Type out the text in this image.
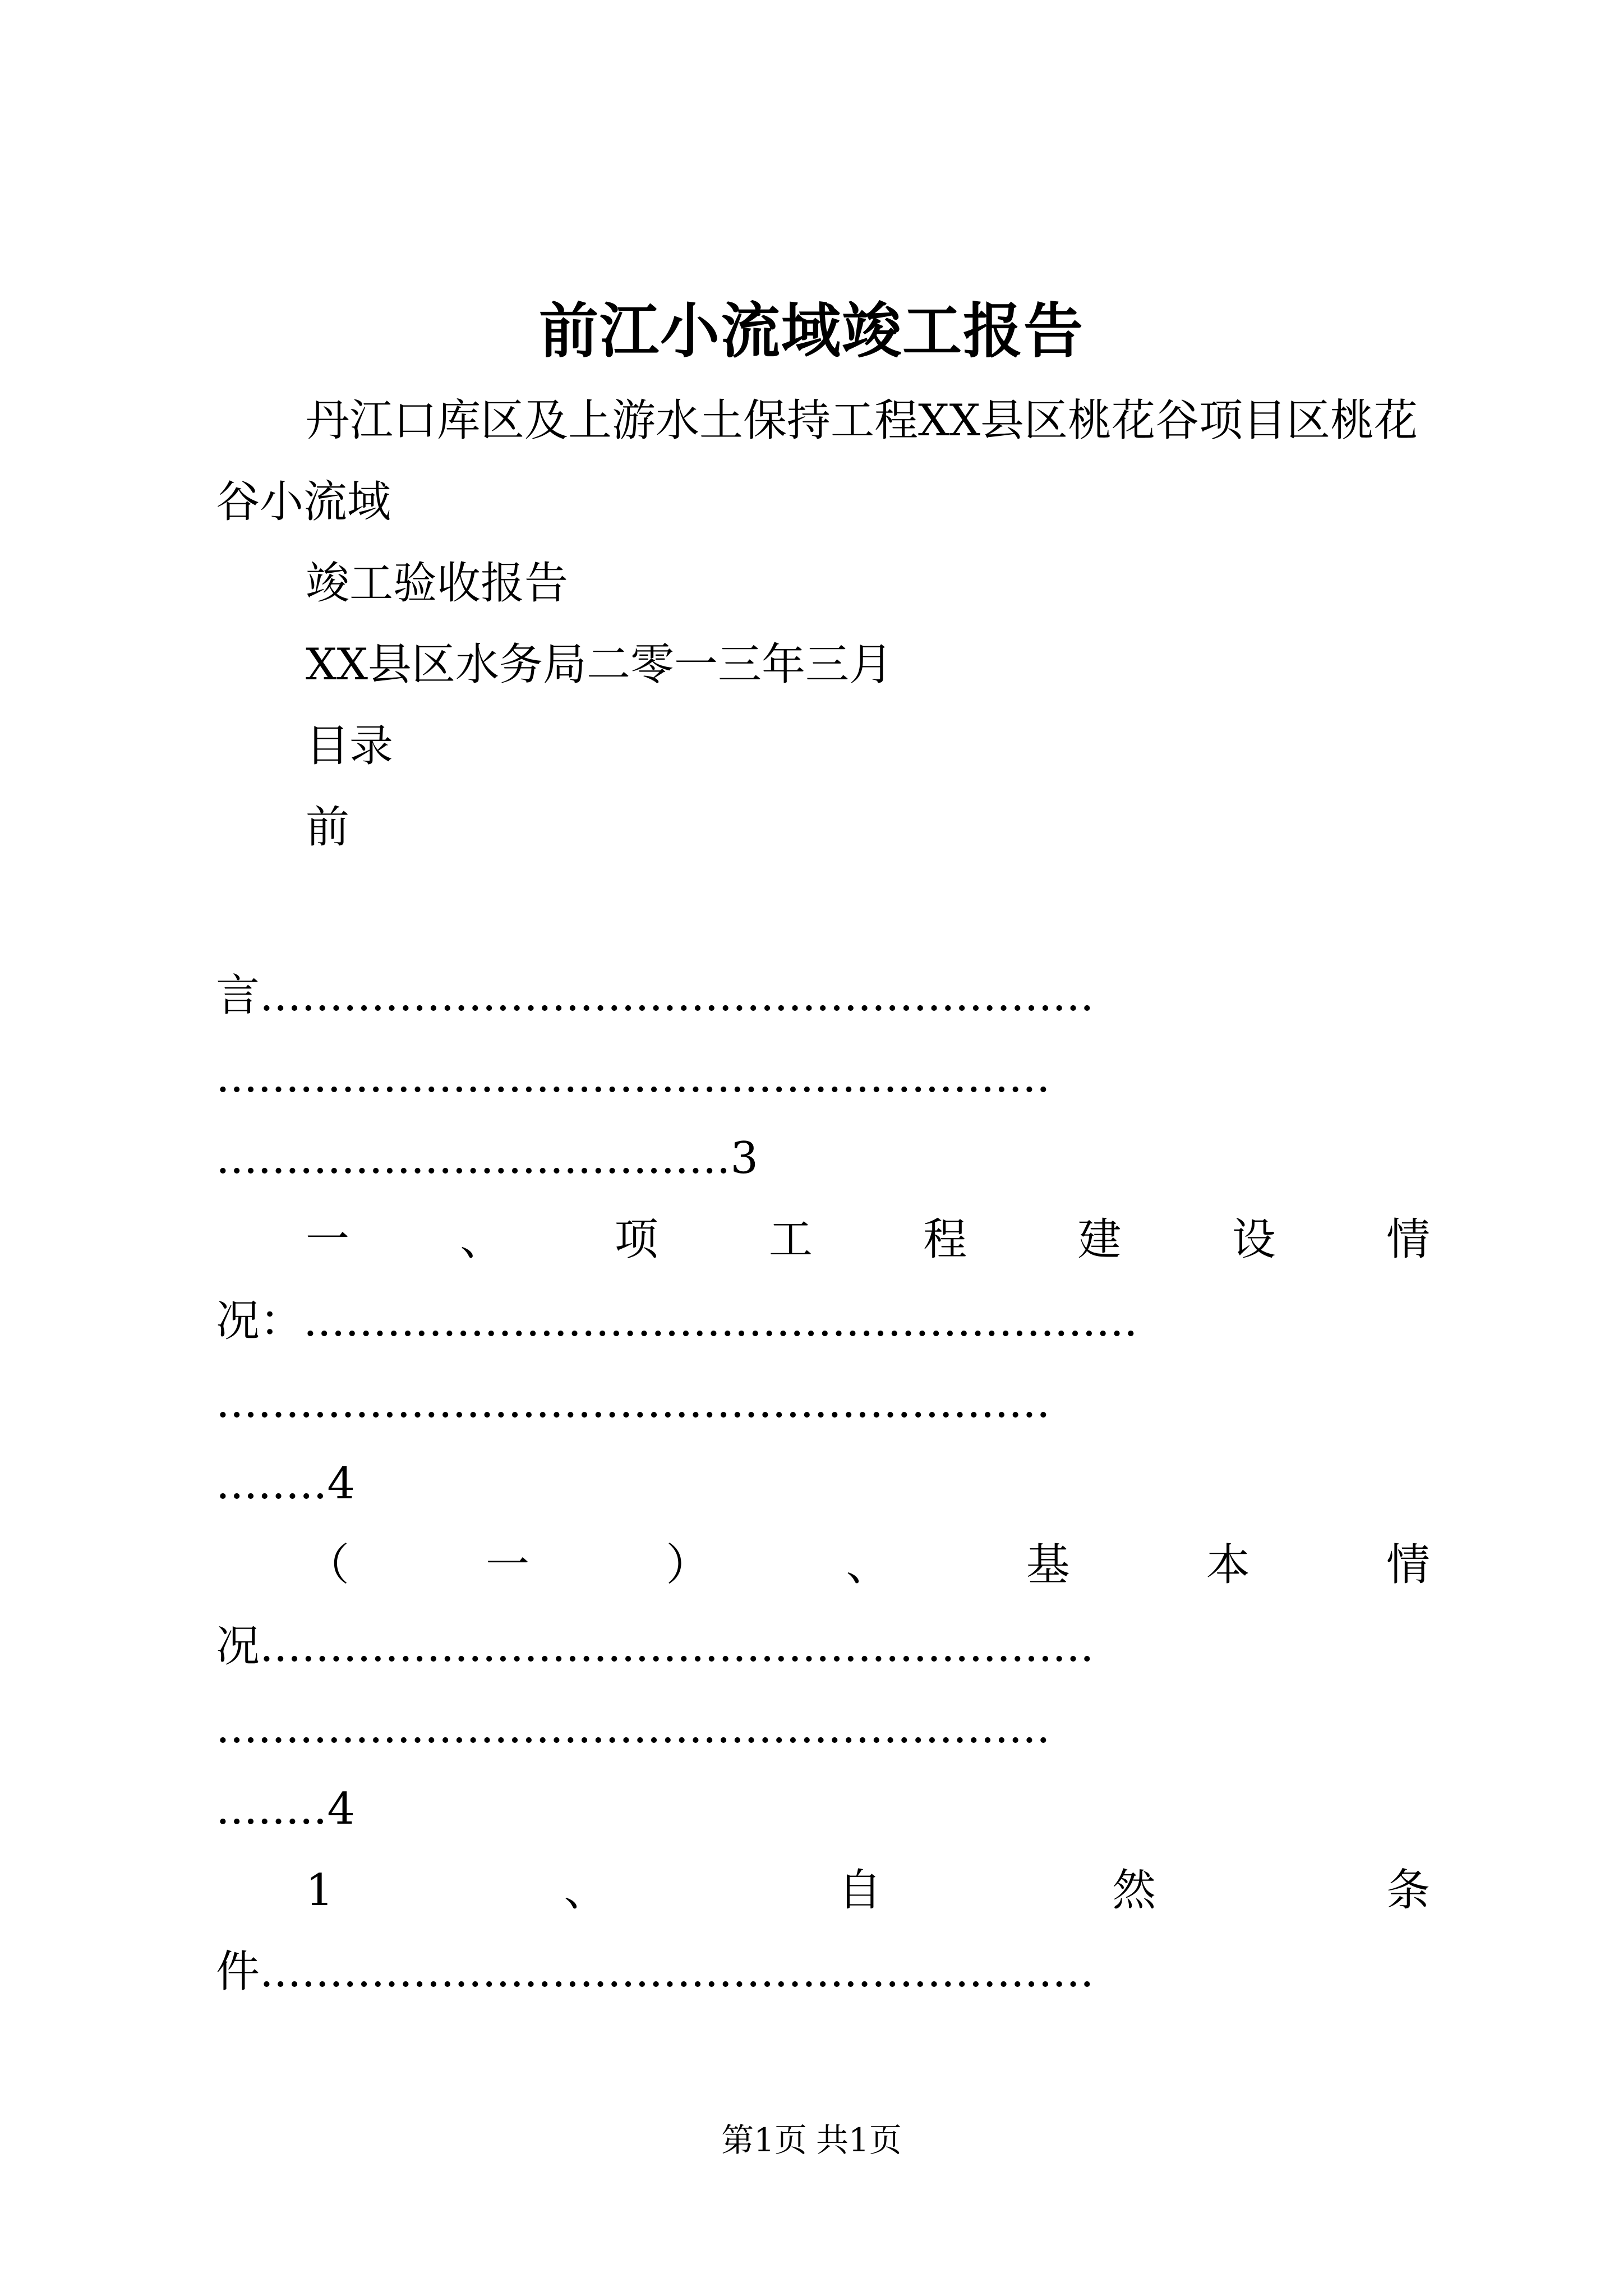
前江小流域竣工报告
丹江口库区及上游水土保持工程XX县区桃花谷项目区桃花
谷小流域
竣工验收报告
XX县区水务局二零一三年三月
目录
前
言............................................................
............................................................
.....................................3
一	、	项	工	程	建	设	情
况：............................................................
............................................................
........4
（	一	）	、	基	本	情
况............................................................
............................................................
........4
1	、	自	然	条
件............................................................
第1页 共1页
